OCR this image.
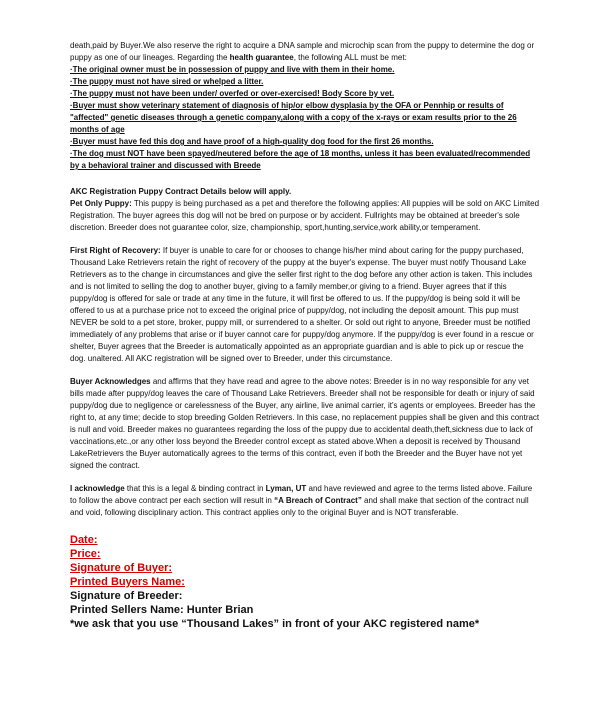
death,paid by Buyer.We also reserve the right to acquire a DNA sample and microchip scan from the puppy to determine the dog or puppy as one of our lineages. Regarding the health guarantee, the following ALL must be met:

·The original owner must be in possession of puppy and live with them in their home.
·The puppy must not have sired or whelped a litter.
·The puppy must not have been under/ overfed or over-exercised! Body Score by vet.
·Buyer must show veterinary statement of diagnosis of hip/or elbow dysplasia by the OFA or Pennhip or results of "affected" genetic diseases through a genetic company,along with a copy of the x-rays or exam results prior to the 26 months of age
·Buyer must have fed this dog and have proof of a high-quality dog food for the first 26 months.
·The dog must NOT have been spayed/neutered before the age of 18 months, unless it has been evaluated/recommended by a behavioral trainer and discussed with Breede

AKC Registration Puppy Contract Details below will apply.

Pet Only Puppy: This puppy is being purchased as a pet and therefore the following applies: All puppies will be sold on AKC Limited Registration. The buyer agrees this dog will not be bred on purpose or by accident. Fullrights may be obtained at breeder's sole discretion. Breeder does not guarantee color, size, championship, sport,hunting,service,work ability,or temperament.

First Right of Recovery: If buyer is unable to care for or chooses to change his/her mind about caring for the puppy purchased, Thousand Lake Retrievers retain the right of recovery of the puppy at the buyer's expense. The buyer must notify Thousand Lake Retrievers as to the change in circumstances and give the seller first right to the dog before any other action is taken. This includes and is not limited to selling the dog to another buyer, giving to a family member,or giving to a friend. Buyer agrees that if this puppy/dog is offered for sale or trade at any time in the future, it will first be offered to us. If the puppy/dog is being sold it will be offered to us at a purchase price not to exceed the original price of puppy/dog, not including the deposit amount. This pup must NEVER be sold to a pet store, broker, puppy mill, or surrendered to a shelter. Or sold out right to anyone, Breeder must be notified immediately of any problems that arise or if buyer cannot care for puppy/dog anymore. If the puppy/dog is ever found in a rescue or shelter, Buyer agrees that the Breeder is automatically appointed as an appropriate guardian and is able to pick up or rescue the dog. unaltered. All AKC registration will be signed over to Breeder, under this circumstance.

Buyer Acknowledges and affirms that they have read and agree to the above notes: Breeder is in no way responsible for any vet bills made after puppy/dog leaves the care of Thousand Lake Retrievers. Breeder shall not be responsible for death or injury of said puppy/dog due to negligence or carelessness of the Buyer, any airline, live animal carrier, it's agents or employees. Breeder has the right to, at any time; decide to stop breeding Golden Retrievers. In this case, no replacement puppies shall be given and this contract is null and void. Breeder makes no guarantees regarding the loss of the puppy due to accidental death,theft,sickness due to lack of vaccinations,etc.,or any other loss beyond the Breeder control except as stated above.When a deposit is received by Thousand LakeRetrievers the Buyer automatically agrees to the terms of this contract, even if both the Breeder and the Buyer have not yet signed the contract.

I acknowledge that this is a legal & binding contract in Lyman, UT and have reviewed and agree to the terms listed above. Failure to follow the above contract per each section will result in “A Breach of Contract” and shall make that section of the contract null and void, following disciplinary action. This contract applies only to the original Buyer and is NOT transferable.

Date:
Price:
Signature of Buyer:
Printed Buyers Name:
Signature of Breeder:
Printed Sellers Name: Hunter Brian
*we ask that you use “Thousand Lakes” in front of your AKC registered name*
